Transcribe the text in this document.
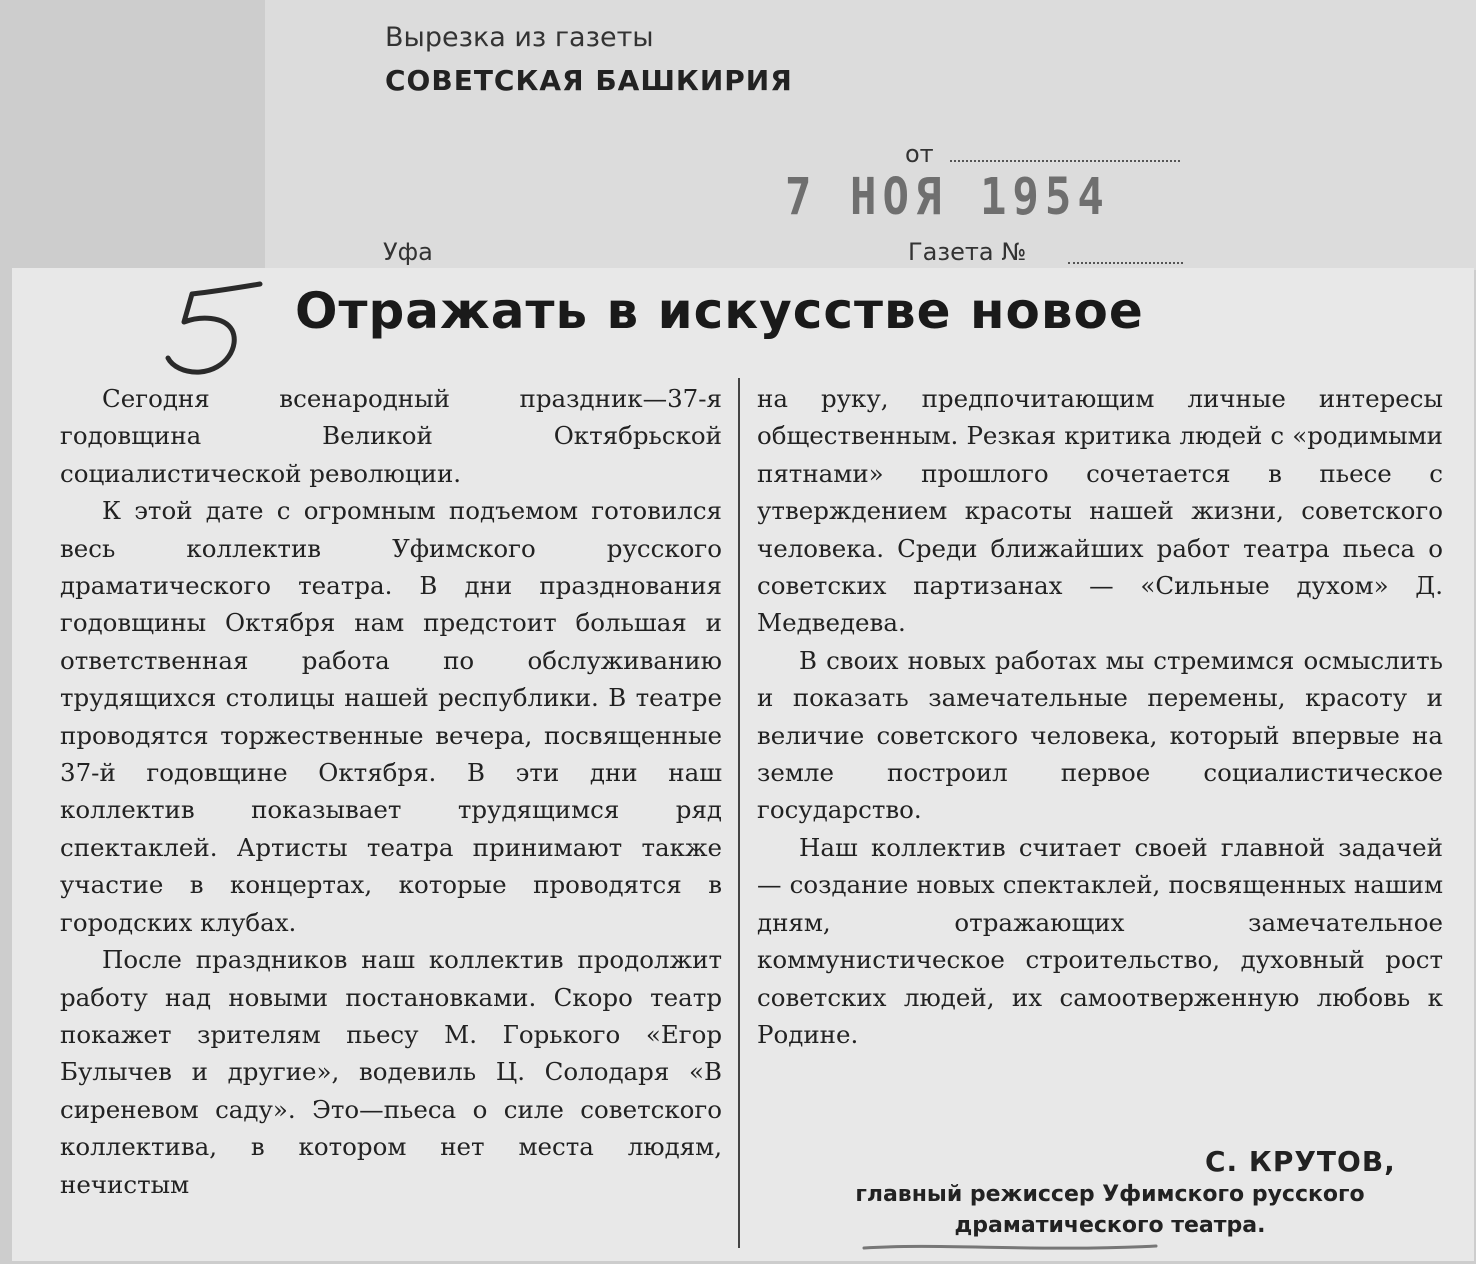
Вырезка из газеты
СОВЕТСКАЯ БАШКИРИЯ
от
7 НОЯ 1954
Уфа	Газета №
Отражать в искусстве новое

Сегодня всенародный праздник—37-я годовщина Великой Октябрьской социалистической революции.

К этой дате с огромным подъемом готовился весь коллектив Уфимского русского драматического театра. В дни празднования годовщины Октября нам предстоит большая и ответственная работа по обслуживанию трудящихся столицы нашей республики. В театре проводятся торжественные вечера, посвященные 37-й годовщине Октября. В эти дни наш коллектив показывает трудящимся ряд спектаклей. Артисты театра принимают также участие в концертах, которые проводятся в городских клубах.

После праздников наш коллектив продолжит работу над новыми постановками. Скоро театр покажет зрителям пьесу М. Горького «Егор Булычев и другие», водевиль Ц. Солодаря «В сиреневом саду». Это—пьеса о силе советского коллектива, в котором нет места людям, нечистым

на руку, предпочитающим личные интересы общественным. Резкая критика людей с «родимыми пятнами» прошлого сочетается в пьесе с утверждением красоты нашей жизни, советского человека. Среди ближайших работ театра пьеса о советских партизанах — «Сильные духом» Д. Медведева.

В своих новых работах мы стремимся осмыслить и показать замечательные перемены, красоту и величие советского человека, который впервые на земле построил первое социалистическое государство.

Наш коллектив считает своей главной задачей — создание новых спектаклей, посвященных нашим дням, отражающих замечательное коммунистическое строительство, духовный рост советских людей, их самоотверженную любовь к Родине.

С. КРУТОВ,
главный режиссер Уфимского русского
драматического театра.
